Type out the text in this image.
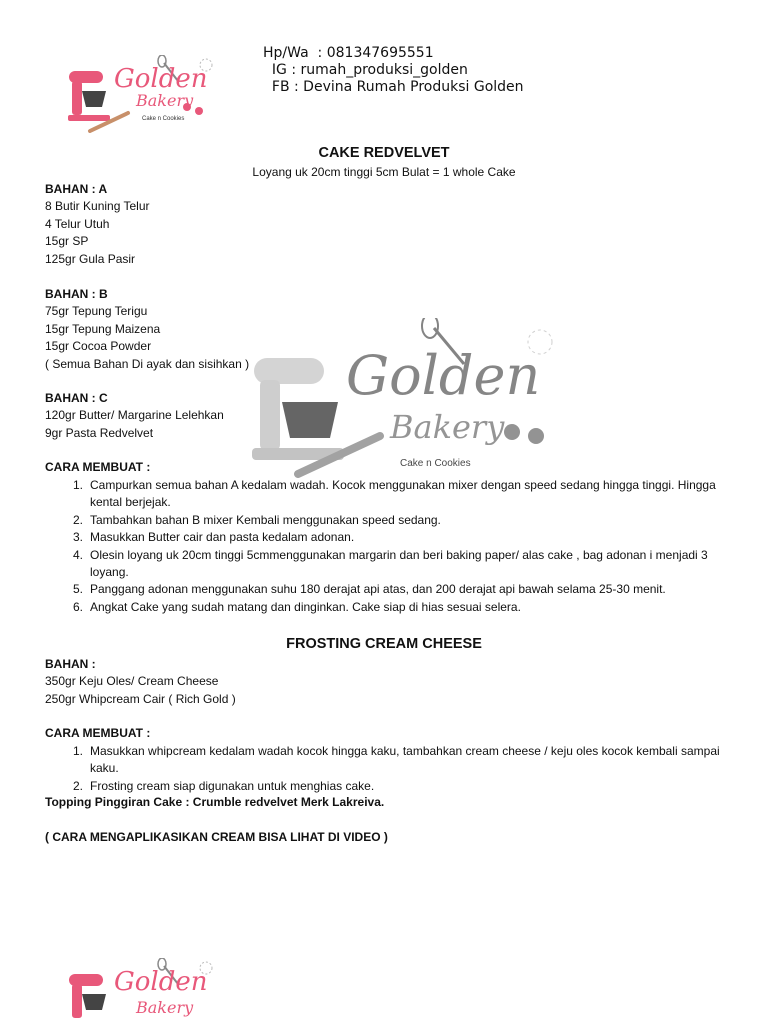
Golden
Bakery
Cake n Cookies
Hp/Wa  : 081347695551
IG : rumah_produksi_golden
FB : Devina Rumah Produksi Golden
Golden
Bakery
Cake n Cookies
CAKE REDVELVET
Loyang uk 20cm tinggi 5cm Bulat = 1 whole Cake
BAHAN : A
8 Butir Kuning Telur
4 Telur Utuh
15gr SP
125gr Gula Pasir
BAHAN : B
75gr Tepung Terigu
15gr Tepung Maizena
15gr Cocoa Powder
( Semua Bahan Di ayak dan sisihkan )
BAHAN : C
120gr Butter/ Margarine Lelehkan
9gr Pasta Redvelvet
CARA MEMBUAT :
1. Campurkan semua bahan A kedalam wadah. Kocok menggunakan mixer dengan speed sedang hingga tinggi. Hingga kental berjejak.
2. Tambahkan bahan B mixer Kembali menggunakan speed sedang.
3. Masukkan Butter cair dan pasta kedalam adonan.
4. Olesin loyang uk 20cm tinggi 5cmmenggunakan margarin dan beri baking paper/ alas cake , bag adonan i menjadi 3 loyang.
5. Panggang adonan menggunakan suhu 180 derajat api atas, dan 200 derajat api bawah selama 25-30 menit.
6. Angkat Cake yang sudah matang dan dinginkan. Cake siap di hias sesuai selera.
FROSTING CREAM CHEESE
BAHAN :
350gr Keju Oles/ Cream Cheese
250gr Whipcream Cair ( Rich Gold )
CARA MEMBUAT :
1. Masukkan whipcream kedalam wadah kocok hingga kaku, tambahkan cream cheese / keju oles kocok kembali sampai kaku.
2. Frosting cream siap digunakan untuk menghias cake.
Topping Pinggiran Cake : Crumble redvelvet Merk Lakreiva.
( CARA MENGAPLIKASIKAN CREAM BISA LIHAT DI VIDEO )
Golden
Bakery
